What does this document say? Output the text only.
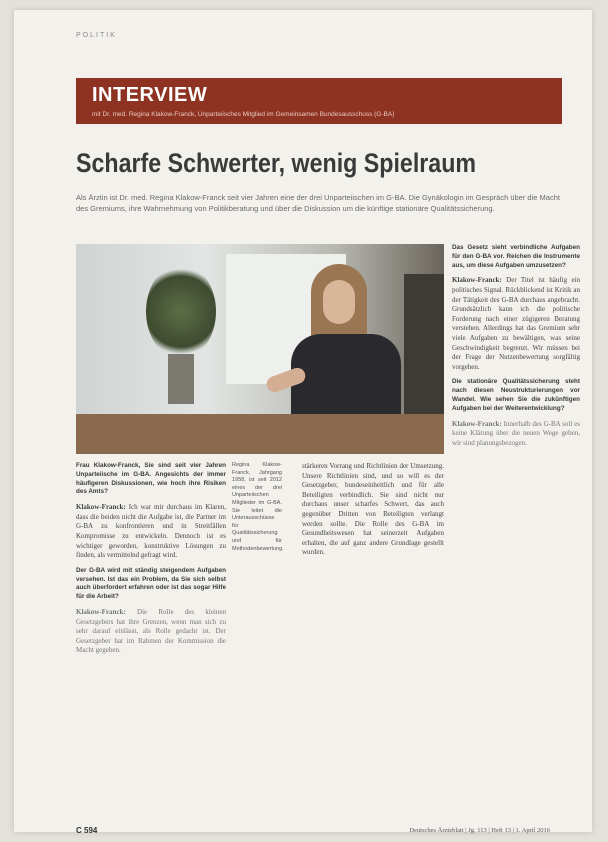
POLITIK
INTERVIEW
mit Dr. med. Regina Klakow-Franck, Unparteiisches Mitglied im Gemeinsamen Bundesausschuss (G-BA)
Scharfe Schwerter, wenig Spielraum
Als Ärztin ist Dr. med. Regina Klakow-Franck seit vier Jahren eine der drei Unparteiischen im G-BA. Die Gynäkologin im Gespräch über die Macht des Gremiums, ihre Wahrnehmung von Politikberatung und über die Diskussion um die künftige stationäre Qualitätssicherung.
Frau Klakow-Franck, Sie sind seit vier Jahren Unparteiische im G-BA. Angesichts der immer häufigeren Diskussionen, wie hoch ihre Risiken des Amts?
Klakow-Franck: Ich war mir durchaus im Klaren, dass die beiden nicht die Aufgabe ist, die Partner im G-BA zu konfrontieren und in Streitfällen Kompromisse zu entwickeln. Dennoch ist es wichtiger geworden, konstruktive Lösungen zu finden, als vermittelnd gefragt wird.
Der G-BA wird mit ständig steigendem Aufgaben versehen. Ist das ein Problem, da Sie sich selbst auch überfordert erfahren oder ist das sogar Hilfe für die Arbeit?
Klakow-Franck: Die Rolle des kleinen Gesetzgebers hat ihre Grenzen, wenn man sich zu sehr darauf einlässt, als Rolle gedacht ist. Der Gesetzgeber hat im Rahmen der Kommission die Macht gegeben.
Regina Klakow-Franck, Jahrgang 1958, ist seit 2012 eines der drei Unparteiischen Mitglieder im G-BA. Sie leitet die Unterausschüsse für Qualitätssicherung und für Methodenbewertung.
stärkeren Vorrang und Richtlinien der Umsetzung. Unsere Richtlinien sind, und so will es der Gesetzgeber, bundeseinheitlich und für alle Beteiligten verbindlich. Sie sind nicht nur durchaus unser scharfes Schwert, das auch gegenüber Dritten von Beteiligten verlangt werden sollte. Die Rolle des G-BA im Gesundheitswesen hat seinerzeit Aufgaben erhalten, die auf ganz andere Grundlage gestellt wurden.
Das Gesetz sieht verbindliche Aufgaben für den G-BA vor. Reichen die Instrumente aus, um diese Aufgaben umzusetzen?
Klakow-Franck: Der Titel ist häufig ein politisches Signal. Rückblickend ist Kritik an der Tätigkeit des G-BA durchaus angebracht. Grundsätzlich kann ich die politische Forderung nach einer zügigeren Beratung verstehen. Allerdings hat das Gremium sehr viele Aufgaben zu bewältigen, was seine Geschwindigkeit begrenzt. Wir müssen bei der Frage der Nutzenbewertung sorgfältig vorgehen.
Die stationäre Qualitätssicherung steht nach diesen Neustrukturierungen vor Wandel. Wie sehen Sie die zukünftigen Aufgaben bei der Weiterentwicklung?
Klakow-Franck: Innerhalb des G-BA soll es keine Klärung über die neuen Wege geben, wir sind planungsbezogen.
C 594	Deutsches Ärzteblatt | Jg. 113 | Heft 13 | 1. April 2016
